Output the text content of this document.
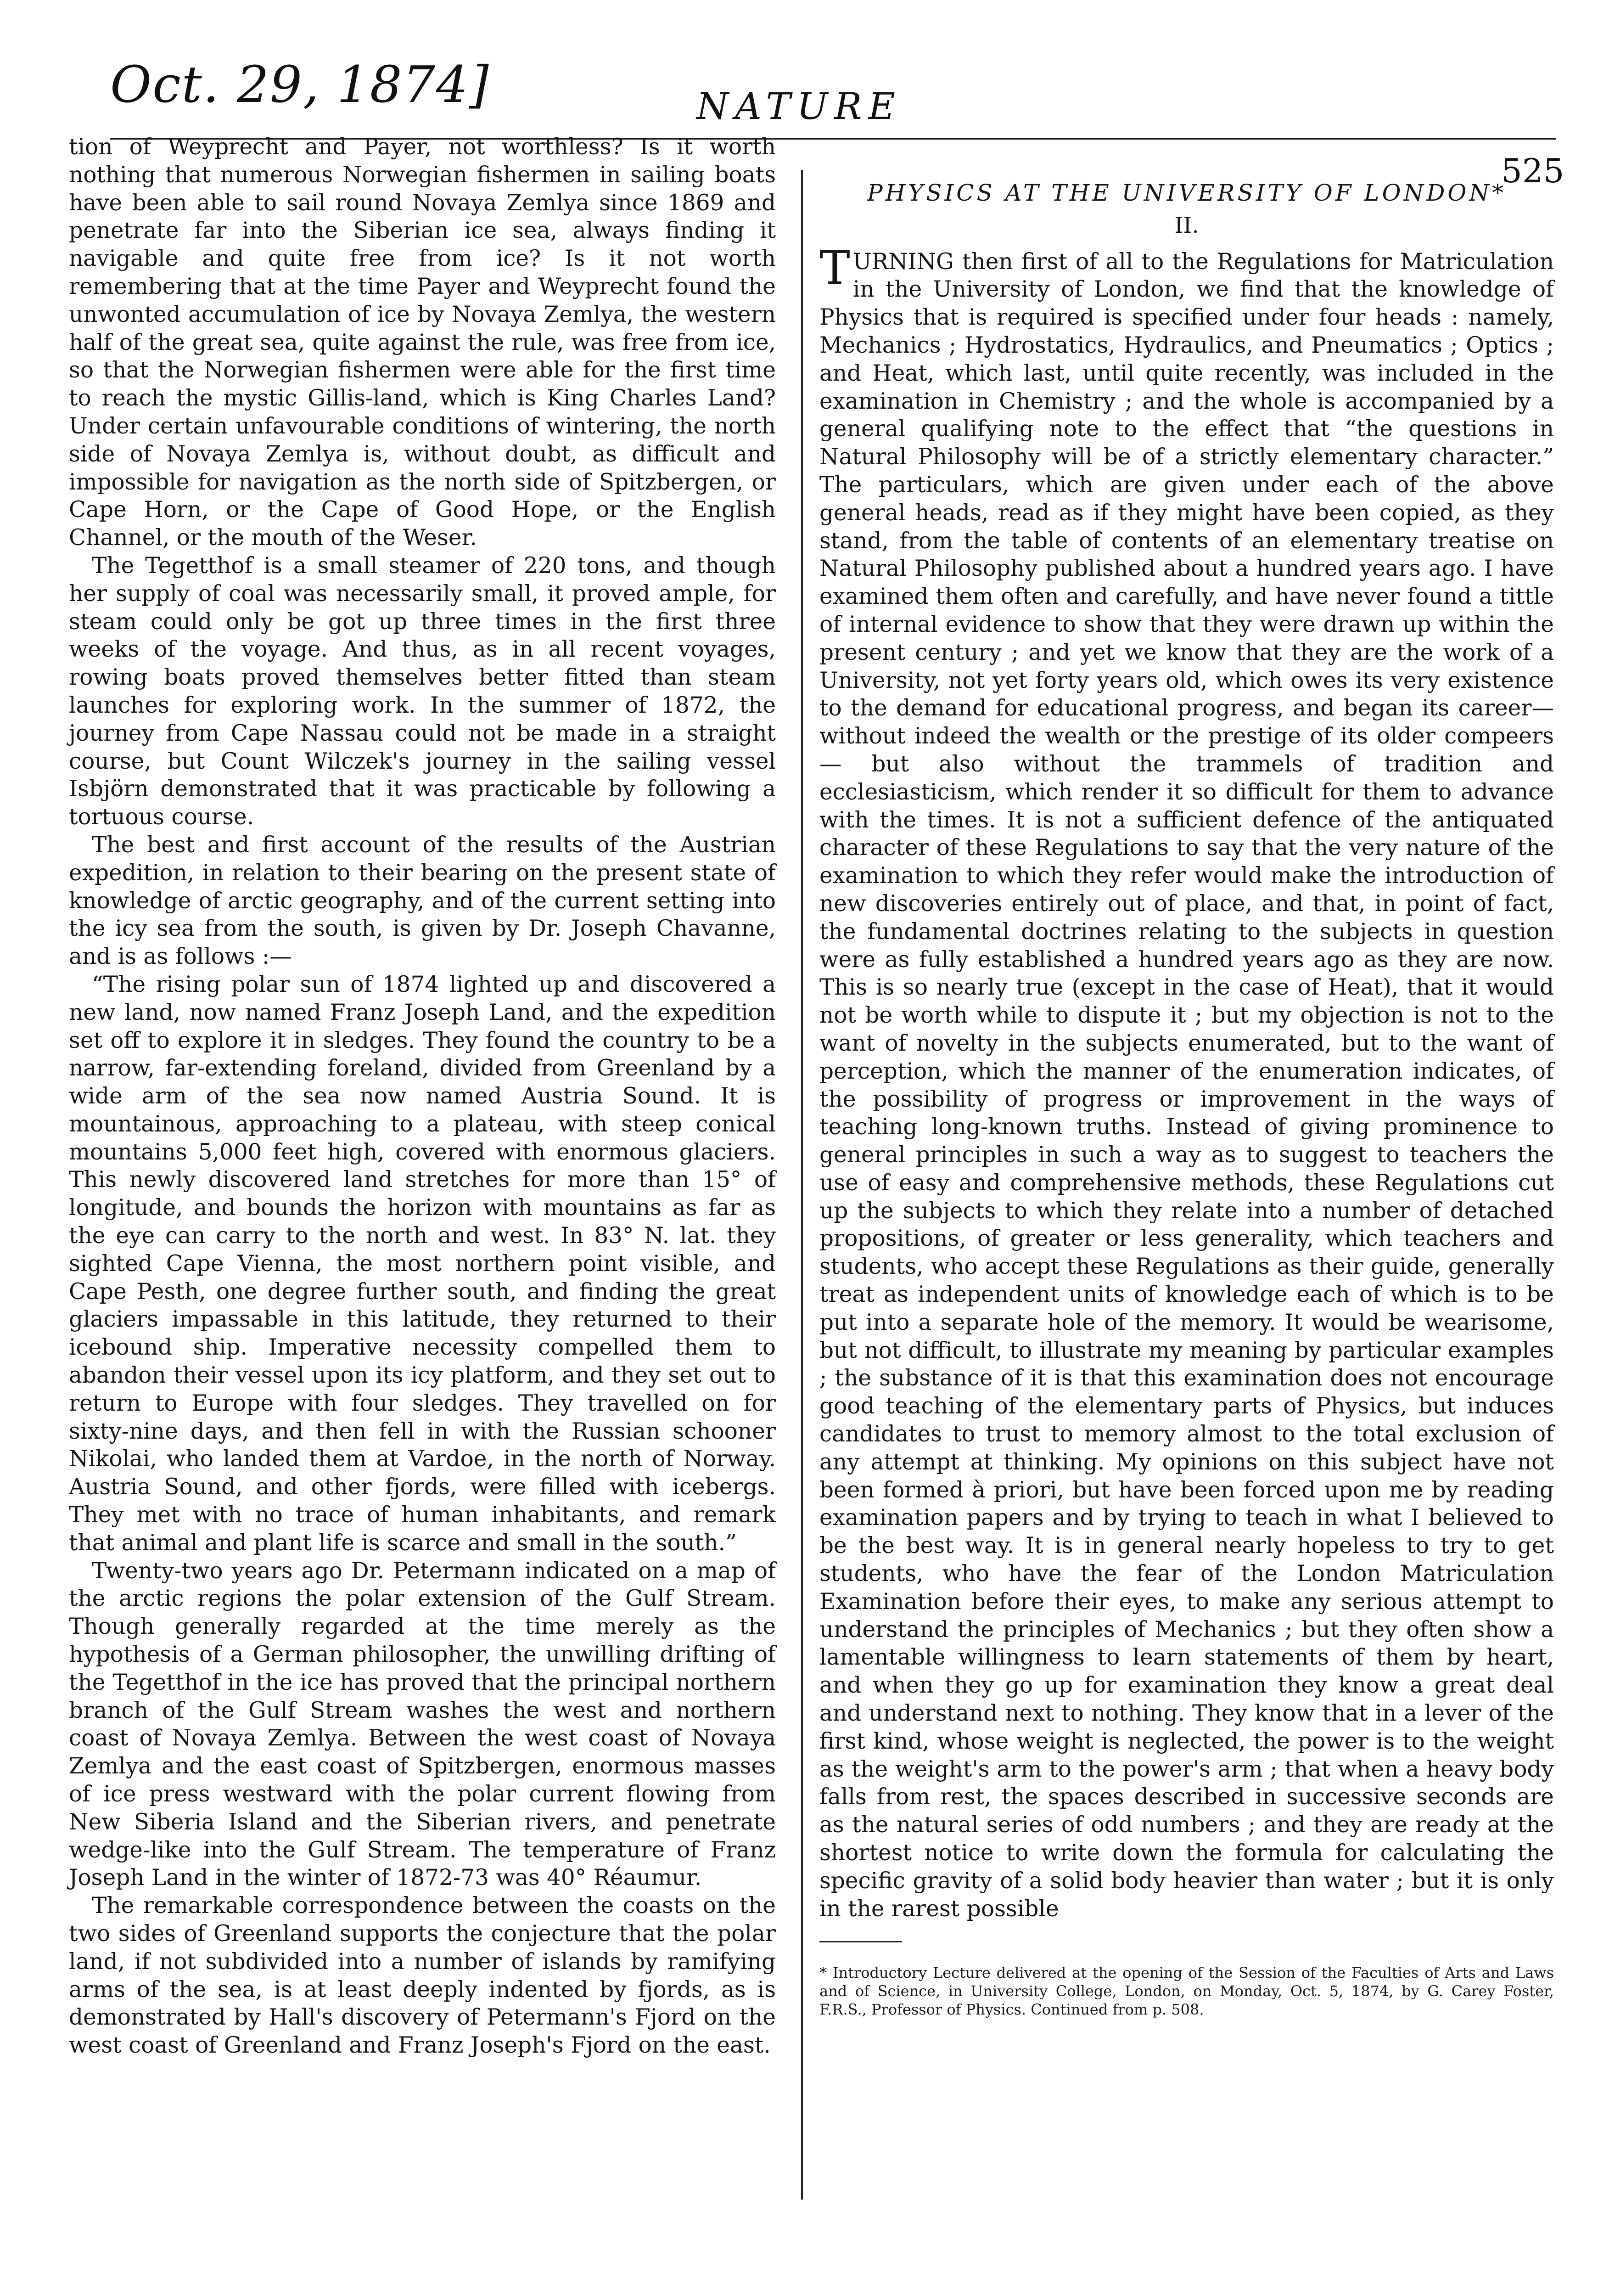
Oct. 29, 1874]	NATURE
525

tion of Weyprecht and Payer, not worthless? Is it worth nothing that numerous Norwegian fishermen in sailing boats have been able to sail round Novaya Zemlya since 1869 and penetrate far into the Siberian ice sea, always finding it navigable and quite free from ice? Is it not worth remembering that at the time Payer and Weyprecht found the unwonted accumulation of ice by Novaya Zemlya, the western half of the great sea, quite against the rule, was free from ice, so that the Norwegian fishermen were able for the first time to reach the mystic Gillis-land, which is King Charles Land? Under certain unfavourable conditions of wintering, the north side of Novaya Zemlya is, without doubt, as difficult and impossible for navigation as the north side of Spitzbergen, or Cape Horn, or the Cape of Good Hope, or the English Channel, or the mouth of the Weser.

The Tegetthof is a small steamer of 220 tons, and though her supply of coal was necessarily small, it proved ample, for steam could only be got up three times in the first three weeks of the voyage. And thus, as in all recent voyages, rowing boats proved themselves better fitted than steam launches for exploring work. In the summer of 1872, the journey from Cape Nassau could not be made in a straight course, but Count Wilczek's journey in the sailing vessel Isbjörn demonstrated that it was practicable by following a tortuous course.

The best and first account of the results of the Austrian expedition, in relation to their bearing on the present state of knowledge of arctic geography, and of the current setting into the icy sea from the south, is given by Dr. Joseph Chavanne, and is as follows :—

“The rising polar sun of 1874 lighted up and discovered a new land, now named Franz Joseph Land, and the expedition set off to explore it in sledges. They found the country to be a narrow, far-extending foreland, divided from Greenland by a wide arm of the sea now named Austria Sound. It is mountainous, approaching to a plateau, with steep conical mountains 5,000 feet high, covered with enormous glaciers. This newly discovered land stretches for more than 15° of longitude, and bounds the horizon with mountains as far as the eye can carry to the north and west. In 83° N. lat. they sighted Cape Vienna, the most northern point visible, and Cape Pesth, one degree further south, and finding the great glaciers impassable in this latitude, they returned to their icebound ship. Imperative necessity compelled them to abandon their vessel upon its icy platform, and they set out to return to Europe with four sledges. They travelled on for sixty-nine days, and then fell in with the Russian schooner Nikolai, who landed them at Vardoe, in the north of Norway. Austria Sound, and other fjords, were filled with icebergs. They met with no trace of human inhabitants, and remark that animal and plant life is scarce and small in the south.”

Twenty-two years ago Dr. Petermann indicated on a map of the arctic regions the polar extension of the Gulf Stream. Though generally regarded at the time merely as the hypothesis of a German philosopher, the unwilling drifting of the Tegetthof in the ice has proved that the principal northern branch of the Gulf Stream washes the west and northern coast of Novaya Zemlya. Between the west coast of Novaya Zemlya and the east coast of Spitzbergen, enormous masses of ice press westward with the polar current flowing from New Siberia Island and the Siberian rivers, and penetrate wedge-like into the Gulf Stream. The temperature of Franz Joseph Land in the winter of 1872-73 was 40° Réaumur.

The remarkable correspondence between the coasts on the two sides of Greenland supports the conjecture that the polar land, if not subdivided into a number of islands by ramifying arms of the sea, is at least deeply indented by fjords, as is demonstrated by Hall's discovery of Petermann's Fjord on the west coast of Greenland and Franz Joseph's Fjord on the east.

PHYSICS AT THE UNIVERSITY OF LONDON*
II.

TURNING then first of all to the Regulations for Matriculation in the University of London, we find that the knowledge of Physics that is required is specified under four heads : namely, Mechanics ; Hydrostatics, Hydraulics, and Pneumatics ; Optics ; and Heat, which last, until quite recently, was included in the examination in Chemistry ; and the whole is accompanied by a general qualifying note to the effect that “the questions in Natural Philosophy will be of a strictly elementary character.” The particulars, which are given under each of the above general heads, read as if they might have been copied, as they stand, from the table of contents of an elementary treatise on Natural Philosophy published about a hundred years ago. I have examined them often and carefully, and have never found a tittle of internal evidence to show that they were drawn up within the present century ; and yet we know that they are the work of a University, not yet forty years old, which owes its very existence to the demand for educational progress, and began its career—without indeed the wealth or the prestige of its older compeers — but also without the trammels of tradition and ecclesiasticism, which render it so difficult for them to advance with the times. It is not a sufficient defence of the antiquated character of these Regulations to say that the very nature of the examination to which they refer would make the introduction of new discoveries entirely out of place, and that, in point of fact, the fundamental doctrines relating to the subjects in question were as fully established a hundred years ago as they are now. This is so nearly true (except in the case of Heat), that it would not be worth while to dispute it ; but my objection is not to the want of novelty in the subjects enumerated, but to the want of perception, which the manner of the enumeration indicates, of the possibility of progress or improvement in the ways of teaching long-known truths. Instead of giving prominence to general principles in such a way as to suggest to teachers the use of easy and comprehensive methods, these Regulations cut up the subjects to which they relate into a number of detached propositions, of greater or less generality, which teachers and students, who accept these Regulations as their guide, generally treat as independent units of knowledge each of which is to be put into a separate hole of the memory. It would be wearisome, but not difficult, to illustrate my meaning by particular examples ; the substance of it is that this examination does not encourage good teaching of the elementary parts of Physics, but induces candidates to trust to memory almost to the total exclusion of any attempt at thinking. My opinions on this subject have not been formed à priori, but have been forced upon me by reading examination papers and by trying to teach in what I believed to be the best way. It is in general nearly hopeless to try to get students, who have the fear of the London Matriculation Examination before their eyes, to make any serious attempt to understand the principles of Mechanics ; but they often show a lamentable willingness to learn statements of them by heart, and when they go up for examination they know a great deal and understand next to nothing. They know that in a lever of the first kind, whose weight is neglected, the power is to the weight as the weight's arm to the power's arm ; that when a heavy body falls from rest, the spaces described in successive seconds are as the natural series of odd numbers ; and they are ready at the shortest notice to write down the formula for calculating the specific gravity of a solid body heavier than water ; but it is only in the rarest possible

* Introductory Lecture delivered at the opening of the Session of the Faculties of Arts and Laws and of Science, in University College, London, on Monday, Oct. 5, 1874, by G. Carey Foster, F.R.S., Professor of Physics. Continued from p. 508.
